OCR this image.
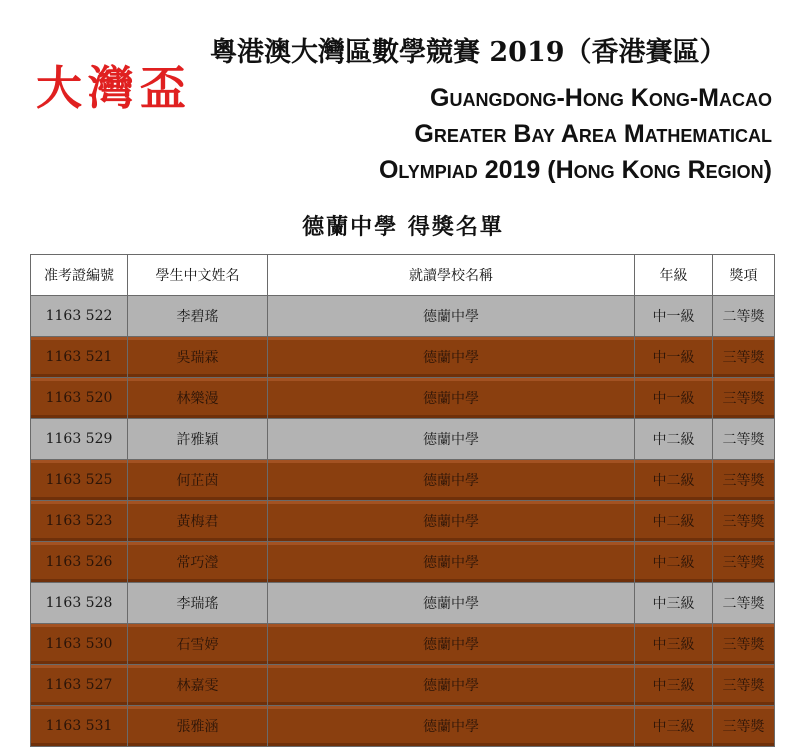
大灣盃
粵港澳大灣區數學競賽 2019（香港賽區）
Guangdong-Hong Kong-Macao
Greater Bay Area Mathematical
Olympiad 2019 (Hong Kong Region)
德蘭中學 得獎名單
准考證編號	學生中文姓名	就讀學校名稱	年級	獎項
1163 522	李碧瑤	德蘭中學	中一級	二等獎
1163 521	吳瑞霖	德蘭中學	中一級	三等獎
1163 520	林樂漫	德蘭中學	中一級	三等獎
1163 529	許雅穎	德蘭中學	中二級	二等獎
1163 525	何芷茵	德蘭中學	中二級	三等獎
1163 523	黃梅君	德蘭中學	中二級	三等獎
1163 526	常巧瀅	德蘭中學	中二級	三等獎
1163 528	李瑞瑤	德蘭中學	中三級	二等獎
1163 530	石雪婷	德蘭中學	中三級	三等獎
1163 527	林嘉雯	德蘭中學	中三級	三等獎
1163 531	張雅涵	德蘭中學	中三級	三等獎
